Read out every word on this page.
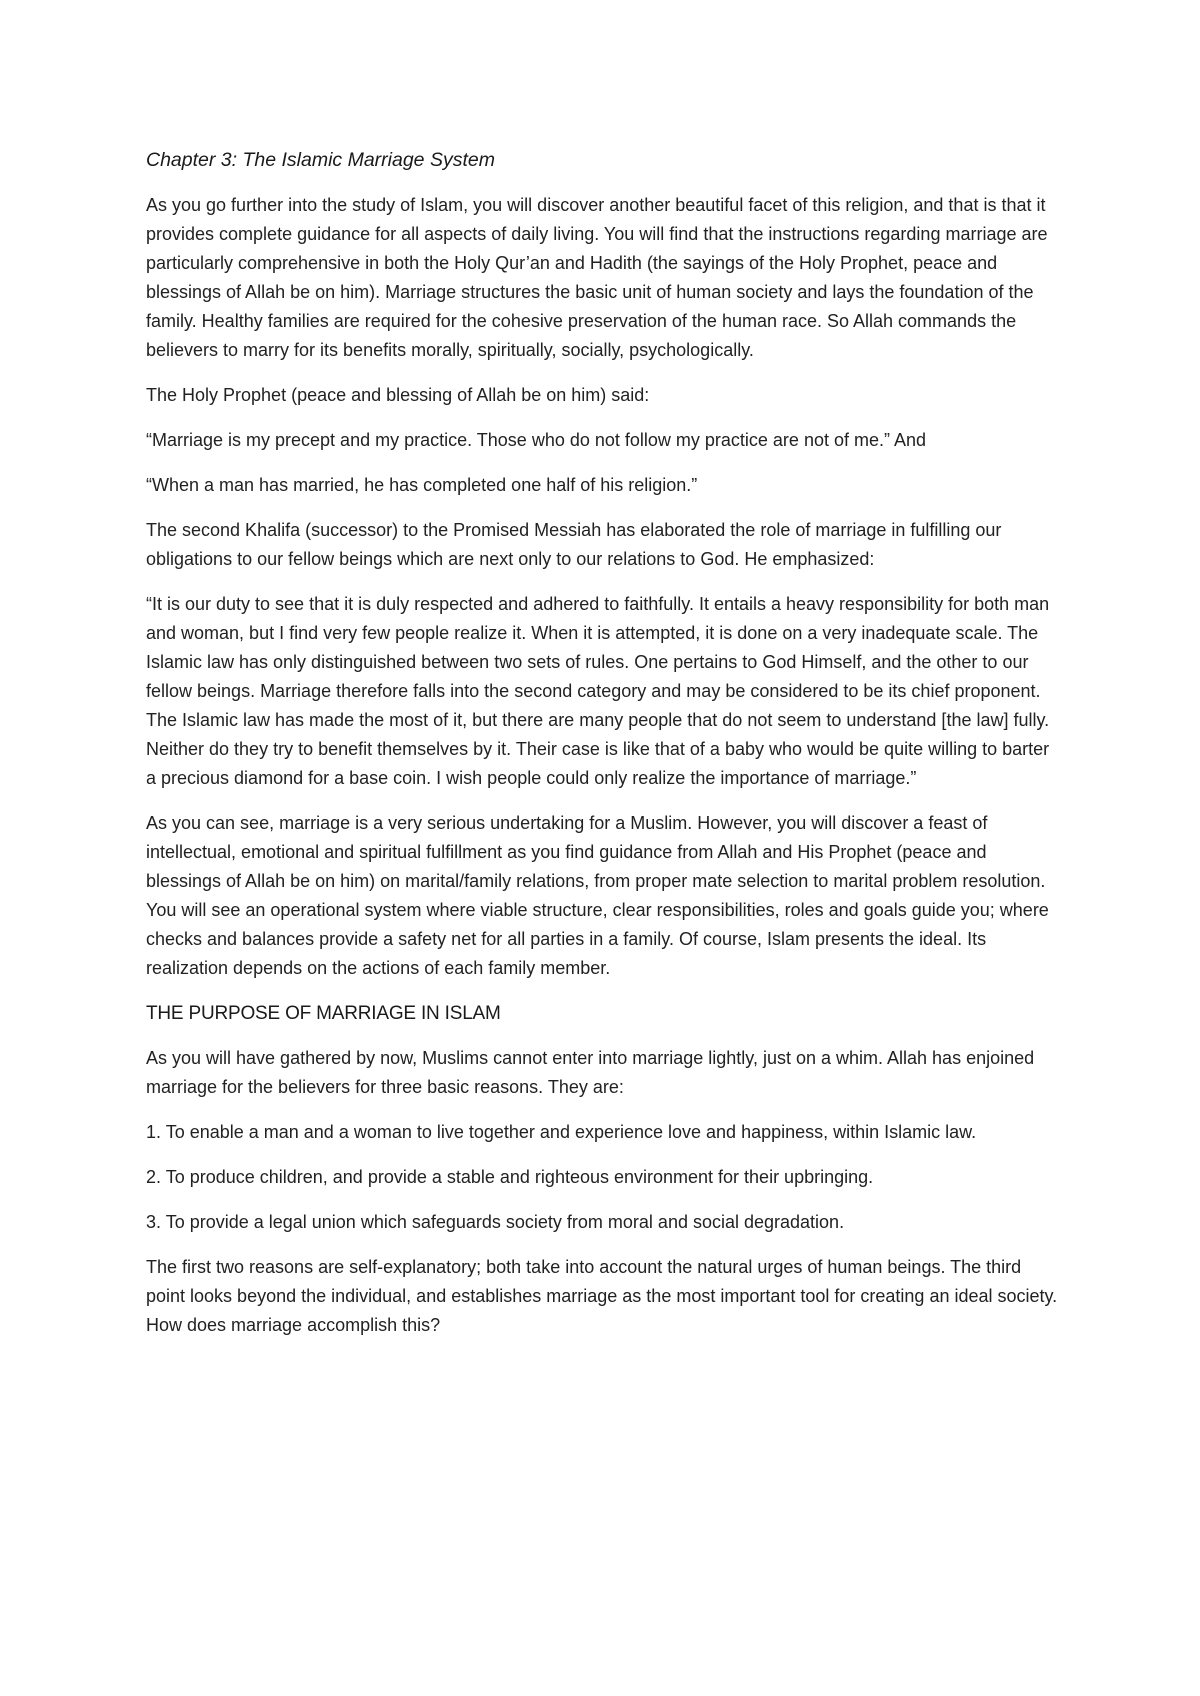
Chapter 3: The Islamic Marriage System

As you go further into the study of Islam, you will discover another beautiful facet of this religion, and that is that it provides complete guidance for all aspects of daily living. You will find that the instructions regarding marriage are particularly comprehensive in both the Holy Qur’an and Hadith (the sayings of the Holy Prophet, peace and blessings of Allah be on him). Marriage structures the basic unit of human society and lays the foundation of the family. Healthy families are required for the cohesive preservation of the human race. So Allah commands the believers to marry for its benefits morally, spiritually, socially, psychologically.

The Holy Prophet (peace and blessing of Allah be on him) said:

“Marriage is my precept and my practice. Those who do not follow my practice are not of me.” And

“When a man has married, he has completed one half of his religion.”

The second Khalifa (successor) to the Promised Messiah has elaborated the role of marriage in fulfilling our obligations to our fellow beings which are next only to our relations to God. He emphasized:

“It is our duty to see that it is duly respected and adhered to faithfully. It entails a heavy responsibility for both man and woman, but I find very few people realize it. When it is attempted, it is done on a very inadequate scale. The Islamic law has only distinguished between two sets of rules. One pertains to God Himself, and the other to our fellow beings. Marriage therefore falls into the second category and may be considered to be its chief proponent. The Islamic law has made the most of it, but there are many people that do not seem to understand [the law] fully. Neither do they try to benefit themselves by it. Their case is like that of a baby who would be quite willing to barter a precious diamond for a base coin. I wish people could only realize the importance of marriage.”

As you can see, marriage is a very serious undertaking for a Muslim. However, you will discover a feast of intellectual, emotional and spiritual fulfillment as you find guidance from Allah and His Prophet (peace and blessings of Allah be on him) on marital/family relations, from proper mate selection to marital problem resolution. You will see an operational system where viable structure, clear responsibilities, roles and goals guide you; where checks and balances provide a safety net for all parties in a family. Of course, Islam presents the ideal. Its realization depends on the actions of each family member.

THE PURPOSE OF MARRIAGE IN ISLAM

As you will have gathered by now, Muslims cannot enter into marriage lightly, just on a whim. Allah has enjoined marriage for the believers for three basic reasons. They are:

1. To enable a man and a woman to live together and experience love and happiness, within Islamic law.

2. To produce children, and provide a stable and righteous environment for their upbringing.

3. To provide a legal union which safeguards society from moral and social degradation.

The first two reasons are self-explanatory; both take into account the natural urges of human beings. The third point looks beyond the individual, and establishes marriage as the most important tool for creating an ideal society. How does marriage accomplish this?
